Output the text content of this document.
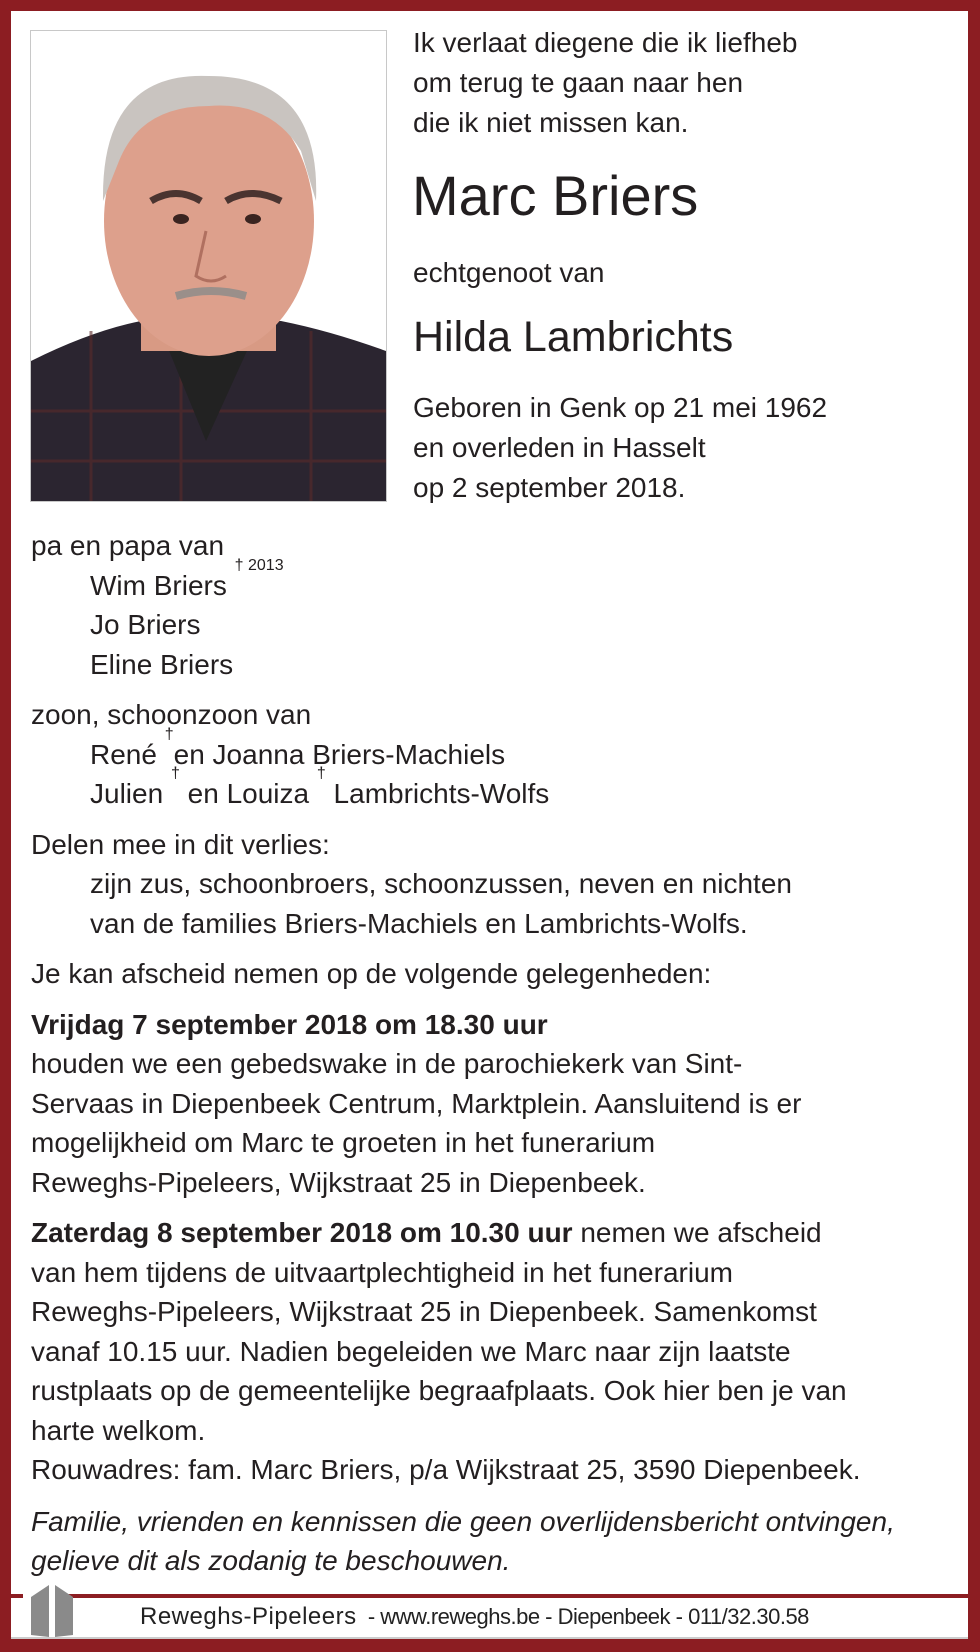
Ik verlaat diegene die ik liefheb
om terug te gaan naar hen
die ik niet missen kan.
Marc Briers
echtgenoot van
Hilda Lambrichts
Geboren in Genk op 21 mei 1962
en overleden in Hasselt
op 2 september 2018.
pa en papa van
Wim Briers $^{\dagger 2013}$
Jo Briers
Eline Briers
zoon, schoonzoon van
René †en Joanna Briers-Machiels
Julien † en Louiza † Lambrichts-Wolfs
Delen mee in dit verlies:
zijn zus, schoonbroers, schoonzussen, neven en nichten
van de families Briers-Machiels en Lambrichts-Wolfs.
Je kan afscheid nemen op de volgende gelegenheden:
Vrijdag 7 september 2018 om 18.30 uur
houden we een gebedswake in de parochiekerk van Sint-
Servaas in Diepenbeek Centrum, Marktplein. Aansluitend is er
mogelijkheid om Marc te groeten in het funerarium
Reweghs-Pipeleers, Wijkstraat 25 in Diepenbeek.
Zaterdag 8 september 2018 om 10.30 uur nemen we afscheid
van hem tijdens de uitvaartplechtigheid in het funerarium
Reweghs-Pipeleers, Wijkstraat 25 in Diepenbeek. Samenkomst
vanaf 10.15 uur. Nadien begeleiden we Marc naar zijn laatste
rustplaats op de gemeentelijke begraafplaats. Ook hier ben je van
harte welkom.
Rouwadres: fam. Marc Briers, p/a Wijkstraat 25, 3590 Diepenbeek.
Familie, vrienden en kennissen die geen overlijdensbericht ontvingen,
gelieve dit als zodanig te beschouwen.
Reweghs-Pipeleers  - www.reweghs.be - Diepenbeek - 011/32.30.58
